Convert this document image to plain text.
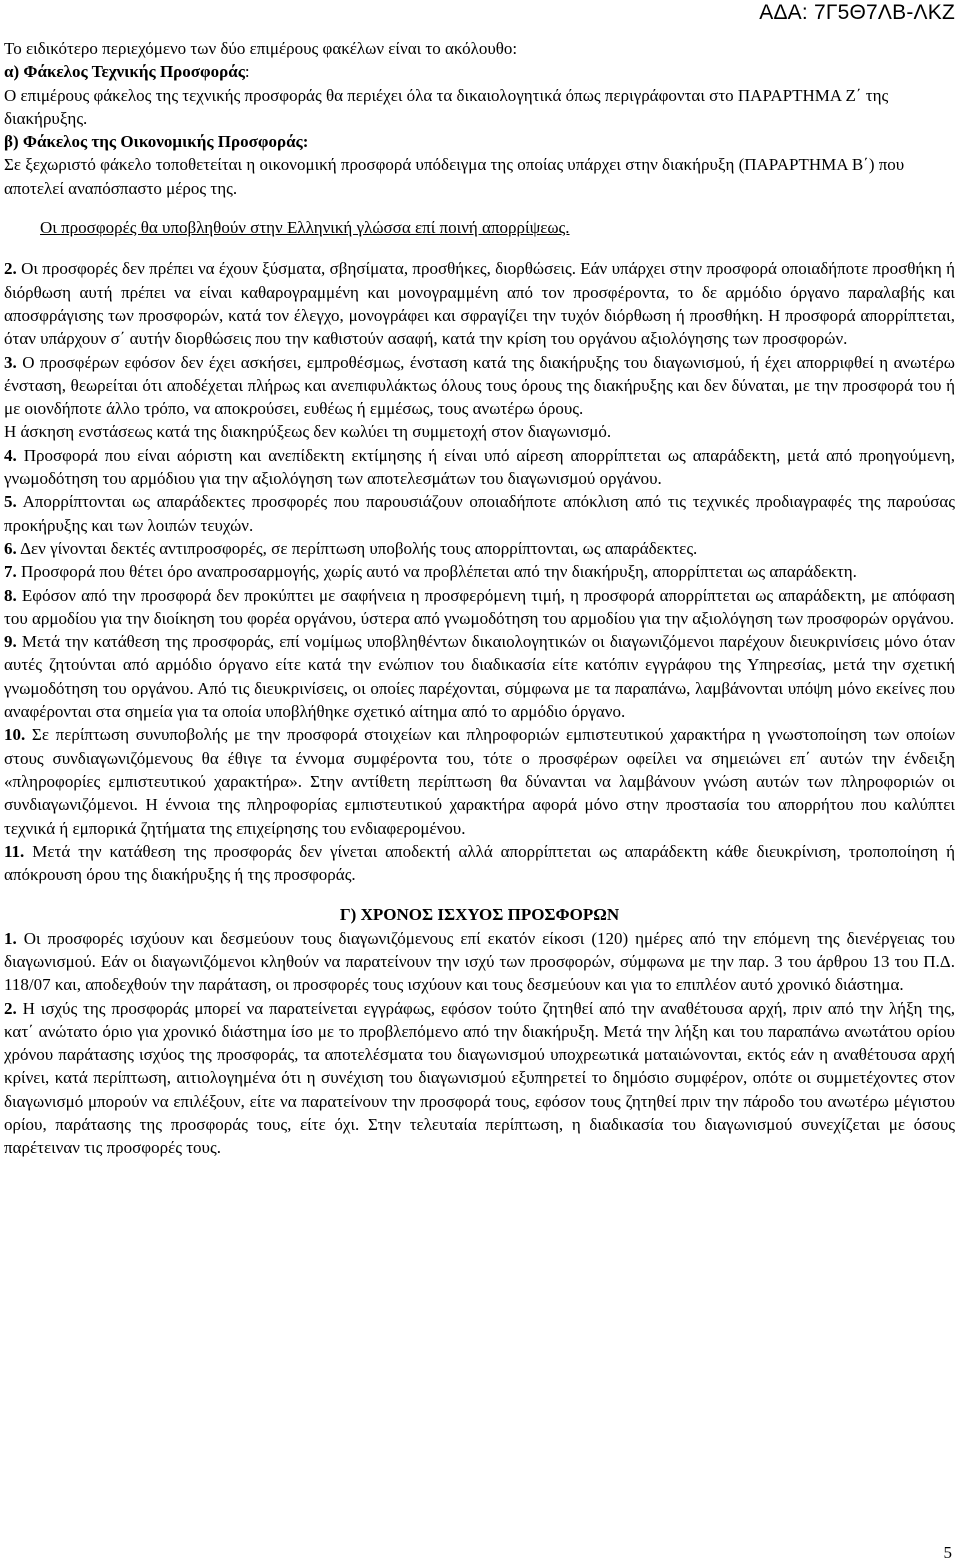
ΑΔΑ: 7Γ5Θ7ΛΒ-ΛΚΖ

Το ειδικότερο περιεχόμενο των δύο επιμέρους φακέλων είναι το ακόλουθο:

α) Φάκελος Τεχνικής Προσφοράς:

Ο επιμέρους φάκελος της τεχνικής προσφοράς θα περιέχει όλα τα δικαιολογητικά όπως περιγράφονται στο ΠΑΡΑΡΤΗΜΑ Ζ΄ της διακήρυξης.

β) Φάκελος της Οικονομικής Προσφοράς:

Σε ξεχωριστό φάκελο τοποθετείται η οικονομική προσφορά υπόδειγμα της οποίας υπάρχει στην διακήρυξη (ΠΑΡΑΡΤΗΜΑ Β΄) που αποτελεί αναπόσπαστο μέρος της.

Οι προσφορές θα υποβληθούν στην Ελληνική γλώσσα επί ποινή απορρίψεως.

2. Οι προσφορές δεν πρέπει να έχουν ξύσματα, σβησίματα, προσθήκες, διορθώσεις. Εάν υπάρχει στην προσφορά οποιαδήποτε προσθήκη ή διόρθωση αυτή πρέπει να είναι καθαρογραμμένη και μονογραμμένη από τον προσφέροντα, το δε αρμόδιο όργανο παραλαβής και αποσφράγισης των προσφορών, κατά τον έλεγχο, μονογράφει και σφραγίζει την τυχόν διόρθωση ή προσθήκη. Η προσφορά απορρίπτεται, όταν υπάρχουν σ΄ αυτήν διορθώσεις που την καθιστούν ασαφή, κατά την κρίση του οργάνου αξιολόγησης των προσφορών.

3. Ο προσφέρων εφόσον δεν έχει ασκήσει, εμπροθέσμως, ένσταση κατά της διακήρυξης του διαγωνισμού, ή έχει απορριφθεί η ανωτέρω ένσταση, θεωρείται ότι αποδέχεται πλήρως και ανεπιφυλάκτως όλους τους όρους της διακήρυξης και δεν δύναται, με την προσφορά του ή με οιονδήποτε άλλο τρόπο, να αποκρούσει, ευθέως ή εμμέσως, τους ανωτέρω όρους.

Η άσκηση ενστάσεως κατά της διακηρύξεως δεν κωλύει τη συμμετοχή στον διαγωνισμό.

4. Προσφορά που είναι αόριστη και ανεπίδεκτη εκτίμησης ή είναι υπό αίρεση απορρίπτεται ως απαράδεκτη, μετά από προηγούμενη, γνωμοδότηση του αρμόδιου για την αξιολόγηση των αποτελεσμάτων του διαγωνισμού οργάνου.

5. Απορρίπτονται ως απαράδεκτες προσφορές που παρουσιάζουν οποιαδήποτε απόκλιση από τις τεχνικές προδιαγραφές της παρούσας προκήρυξης και των λοιπών τευχών.

6. Δεν γίνονται δεκτές αντιπροσφορές, σε περίπτωση υποβολής τους απορρίπτονται, ως απαράδεκτες.

7. Προσφορά που θέτει όρο αναπροσαρμογής, χωρίς αυτό να προβλέπεται από την διακήρυξη, απορρίπτεται ως απαράδεκτη.

8. Εφόσον από την προσφορά δεν προκύπτει με σαφήνεια η προσφερόμενη τιμή, η προσφορά απορρίπτεται ως απαράδεκτη, με απόφαση του αρμοδίου για την διοίκηση του φορέα οργάνου, ύστερα από γνωμοδότηση του αρμοδίου για την αξιολόγηση των προσφορών οργάνου.

9. Μετά την κατάθεση της προσφοράς, επί νομίμως υποβληθέντων δικαιολογητικών οι διαγωνιζόμενοι παρέχουν διευκρινίσεις μόνο όταν αυτές ζητούνται από αρμόδιο όργανο είτε κατά την ενώπιον του διαδικασία είτε κατόπιν εγγράφου της Υπηρεσίας, μετά την σχετική γνωμοδότηση του οργάνου. Από τις διευκρινίσεις, οι οποίες παρέχονται, σύμφωνα με τα παραπάνω, λαμβάνονται υπόψη μόνο εκείνες που αναφέρονται στα σημεία για τα οποία υποβλήθηκε σχετικό αίτημα από το αρμόδιο όργανο.

10. Σε περίπτωση συνυποβολής με την προσφορά στοιχείων και πληροφοριών εμπιστευτικού χαρακτήρα η γνωστοποίηση των οποίων στους συνδιαγωνιζόμενους θα έθιγε τα έννομα συμφέροντα του, τότε ο προσφέρων οφείλει να σημειώνει επ΄ αυτών την ένδειξη «πληροφορίες εμπιστευτικού χαρακτήρα». Στην αντίθετη περίπτωση θα δύνανται να λαμβάνουν γνώση αυτών των πληροφοριών οι συνδιαγωνιζόμενοι. Η έννοια της πληροφορίας εμπιστευτικού χαρακτήρα αφορά μόνο στην προστασία του απορρήτου που καλύπτει τεχνικά ή εμπορικά ζητήματα της επιχείρησης του ενδιαφερομένου.

11. Μετά την κατάθεση της προσφοράς δεν γίνεται αποδεκτή αλλά απορρίπτεται ως απαράδεκτη κάθε διευκρίνιση, τροποποίηση ή απόκρουση όρου της διακήρυξης ή της προσφοράς.

Γ) ΧΡΟΝΟΣ ΙΣΧΥΟΣ ΠΡΟΣΦΟΡΩΝ

1. Οι προσφορές ισχύουν και δεσμεύουν τους διαγωνιζόμενους επί εκατόν είκοσι (120) ημέρες από την επόμενη της διενέργειας του διαγωνισμού. Εάν οι διαγωνιζόμενοι κληθούν να παρατείνουν την ισχύ των προσφορών, σύμφωνα με την παρ. 3 του άρθρου 13 του Π.Δ. 118/07 και, αποδεχθούν την παράταση, οι προσφορές τους ισχύουν και τους δεσμεύουν και για το επιπλέον αυτό χρονικό διάστημα.

2. Η ισχύς της προσφοράς μπορεί να παρατείνεται εγγράφως, εφόσον τούτο ζητηθεί από την αναθέτουσα αρχή, πριν από την λήξη της, κατ΄ ανώτατο όριο για χρονικό διάστημα ίσο με το προβλεπόμενο από την διακήρυξη. Μετά την λήξη και του παραπάνω ανωτάτου ορίου χρόνου παράτασης ισχύος της προσφοράς, τα αποτελέσματα του διαγωνισμού υποχρεωτικά ματαιώνονται, εκτός εάν η αναθέτουσα αρχή κρίνει, κατά περίπτωση, αιτιολογημένα ότι η συνέχιση του διαγωνισμού εξυπηρετεί το δημόσιο συμφέρον, οπότε οι συμμετέχοντες στον διαγωνισμό μπορούν να επιλέξουν, είτε να παρατείνουν την προσφορά τους, εφόσον τους ζητηθεί πριν την πάροδο του ανωτέρω μέγιστου ορίου, παράτασης της προσφοράς τους, είτε όχι. Στην τελευταία περίπτωση, η διαδικασία του διαγωνισμού συνεχίζεται με όσους παρέτειναν τις προσφορές τους.

5
